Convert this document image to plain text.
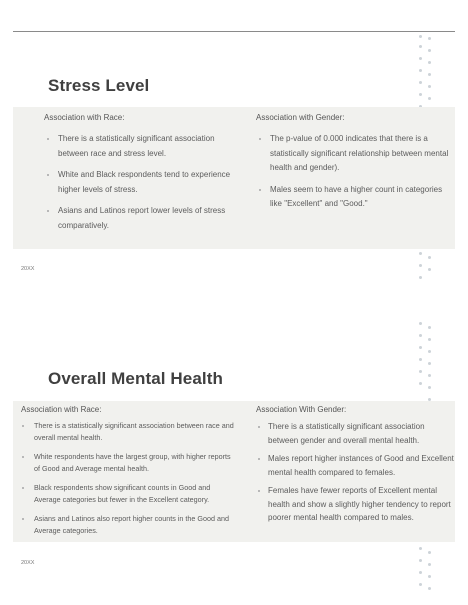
Stress Level

Association with Race:

There is a statistically significant association between race and stress level.
White and Black respondents tend to experience higher levels of stress.
Asians and Latinos report lower levels of stress comparatively.

Association with Gender:

The p-value of 0.000 indicates that there is a statistically significant relationship between mental health and gender).
Males seem to have a higher count in categories like "Excellent" and "Good."
20XX
Overall Mental Health

Association with Race:

There is a statistically significant association between race and overall mental health.
White respondents have the largest group, with higher reports of Good and Average mental health.
Black respondents show significant counts in Good and Average categories but fewer in the Excellent category.
Asians and Latinos also report higher counts in the Good and Average categories.

Association With Gender:

There is a statistically significant association between gender and overall mental health.
Males report higher instances of Good and Excellent mental health compared to females.
Females have fewer reports of Excellent mental health and show a slightly higher tendency to report poorer mental health compared to males.
20XX
